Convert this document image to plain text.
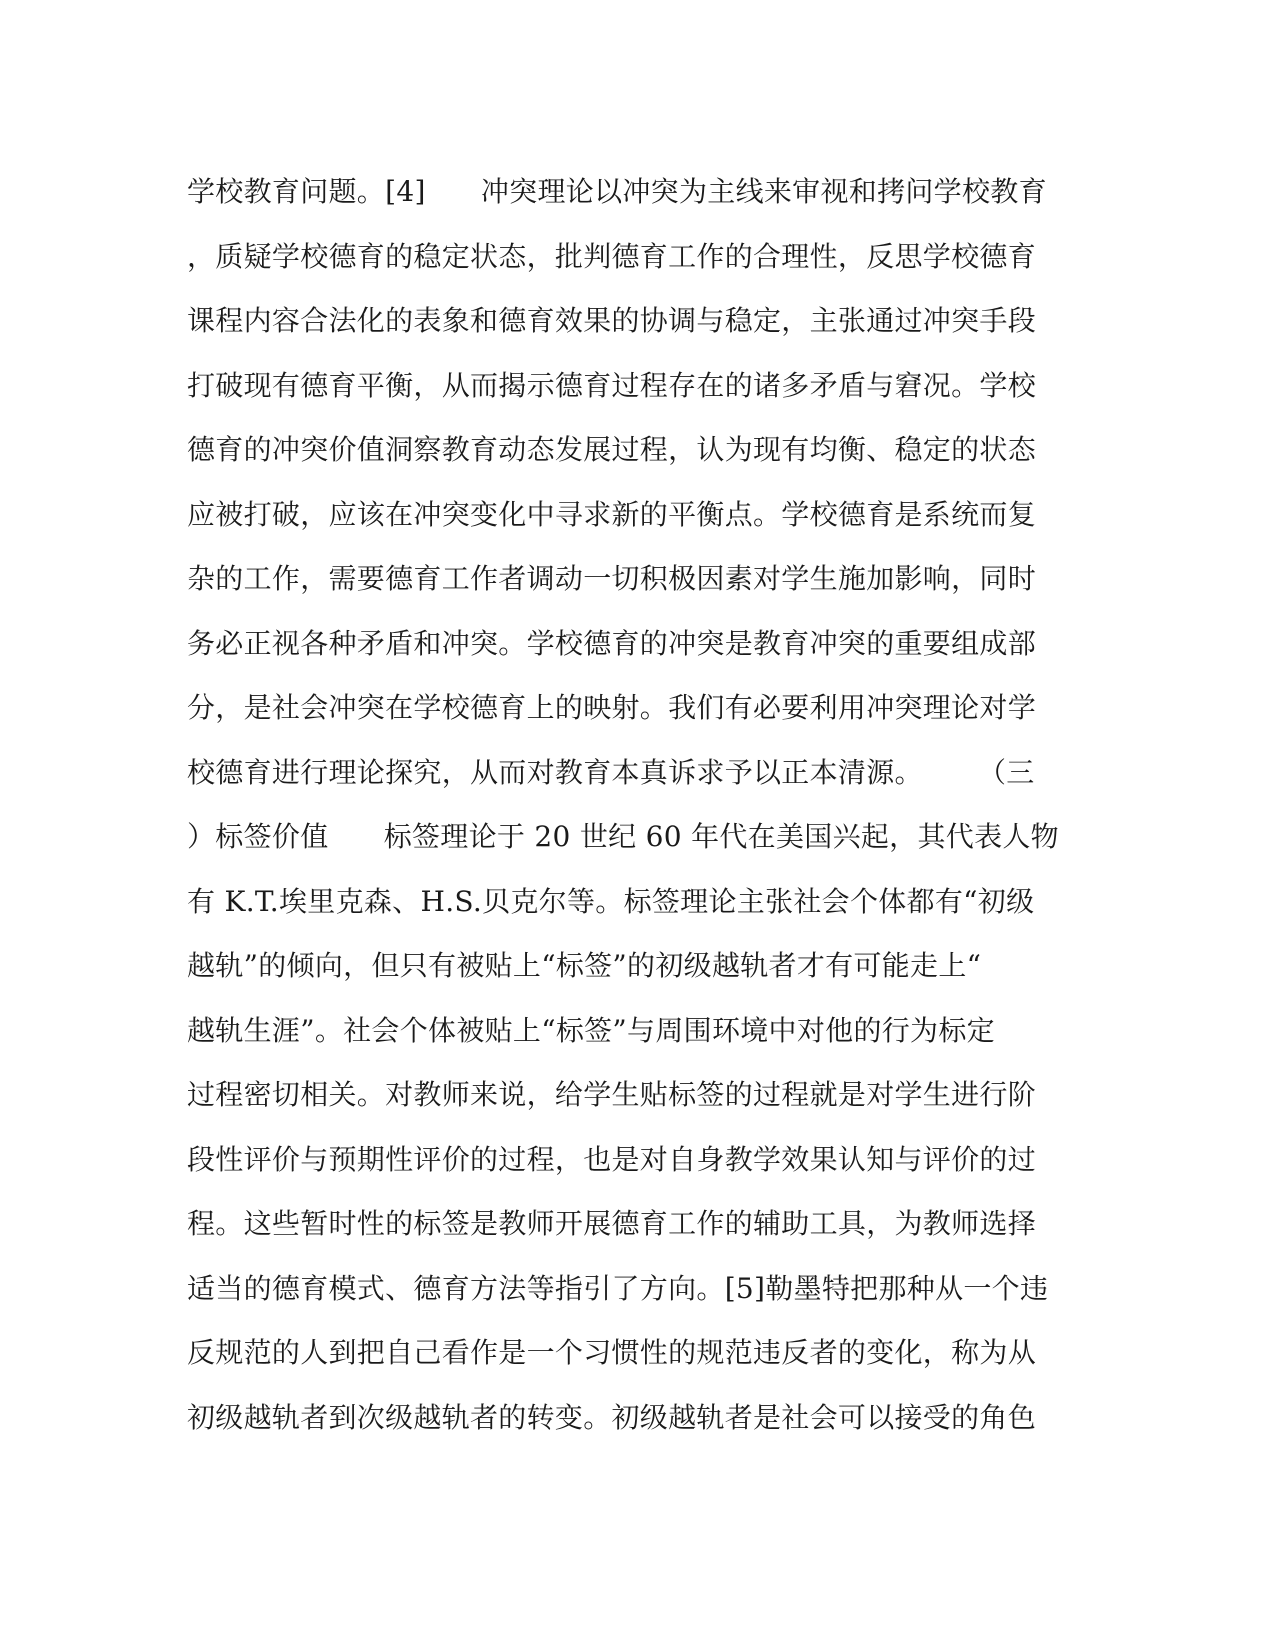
学校教育问题。[4]      冲突理论以冲突为主线来审视和拷问学校教育
，质疑学校德育的稳定状态，批判德育工作的合理性，反思学校德育
课程内容合法化的表象和德育效果的协调与稳定，主张通过冲突手段
打破现有德育平衡，从而揭示德育过程存在的诸多矛盾与窘况。学校
德育的冲突价值洞察教育动态发展过程，认为现有均衡、稳定的状态
应被打破，应该在冲突变化中寻求新的平衡点。学校德育是系统而复
杂的工作，需要德育工作者调动一切积极因素对学生施加影响，同时
务必正视各种矛盾和冲突。学校德育的冲突是教育冲突的重要组成部
分，是社会冲突在学校德育上的映射。我们有必要利用冲突理论对学
校德育进行理论探究，从而对教育本真诉求予以正本清源。      （三
）标签价值      标签理论于 20 世纪 60 年代在美国兴起，其代表人物
有 K.T.埃里克森、H.S.贝克尔等。标签理论主张社会个体都有“初级
越轨”的倾向，但只有被贴上“标签”的初级越轨者才有可能走上“
越轨生涯”。社会个体被贴上“标签”与周围环境中对他的行为标定
过程密切相关。对教师来说，给学生贴标签的过程就是对学生进行阶
段性评价与预期性评价的过程，也是对自身教学效果认知与评价的过
程。这些暂时性的标签是教师开展德育工作的辅助工具，为教师选择
适当的德育模式、德育方法等指引了方向。[5]勒墨特把那种从一个违
反规范的人到把自己看作是一个习惯性的规范违反者的变化，称为从
初级越轨者到次级越轨者的转变。初级越轨者是社会可以接受的角色
